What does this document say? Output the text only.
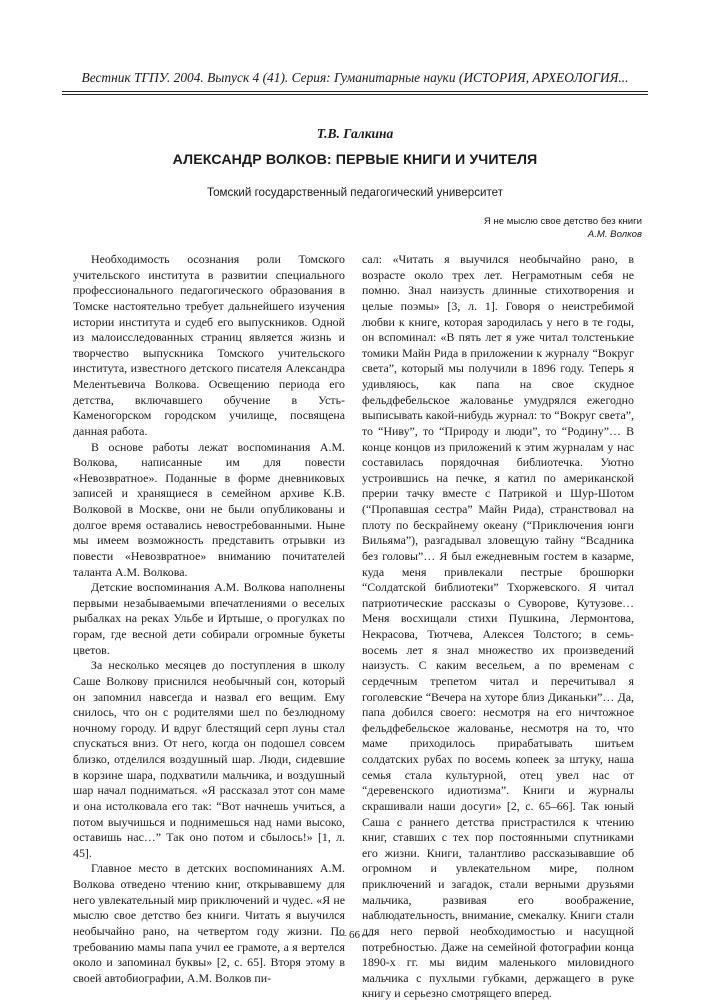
Вестник ТГПУ. 2004. Выпуск 4 (41). Серия: Гуманитарные науки (ИСТОРИЯ, АРХЕОЛОГИЯ...
Т.В. Галкина
АЛЕКСАНДР ВОЛКОВ: ПЕРВЫЕ КНИГИ И УЧИТЕЛЯ
Томский государственный педагогический университет
Я не мыслю свое детство без книги
А.М. Волков

Необходимость осознания роли Томского учительского института в развитии специального профессионального педагогического образования в Томске настоятельно требует дальнейшего изучения истории института и судеб его выпускников. Одной из малоисследованных страниц является жизнь и творчество выпускника Томского учительского института, известного детского писателя Александра Мелентьевича Волкова. Освещению периода его детства, включавшего обучение в Усть-Каменогорском городском училище, посвящена данная работа.

В основе работы лежат воспоминания А.М. Волкова, написанные им для повести «Невозвратное». Поданные в форме дневниковых записей и хранящиеся в семейном архиве К.В. Волковой в Москве, они не были опубликованы и долгое время оставались невостребованными. Ныне мы имеем возможность представить отрывки из повести «Невозвратное» вниманию почитателей таланта А.М. Волкова.

Детские воспоминания А.М. Волкова наполнены первыми незабываемыми впечатлениями о веселых рыбалках на реках Ульбе и Иртыше, о прогулках по горам, где весной дети собирали огромные букеты цветов.

За несколько месяцев до поступления в школу Саше Волкову приснился необычный сон, который он запомнил навсегда и назвал его вещим. Ему снилось, что он с родителями шел по безлюдному ночному городу. И вдруг блестящий серп луны стал спускаться вниз. От него, когда он подошел совсем близко, отделился воздушный шар. Люди, сидевшие в корзине шара, подхватили мальчика, и воздушный шар начал подниматься. «Я рассказал этот сон маме и она истолковала его так: “Вот начнешь учиться, а потом выучишься и поднимешься над нами высоко, оставишь нас…” Так оно потом и сбылось!» [1, л. 45].

Главное место в детских воспоминаниях А.М. Волкова отведено чтению книг, открывавшему для него увлекательный мир приключений и чудес. «Я не мыслю свое детство без книги. Читать я выучился необычайно рано, на четвертом году жизни. По требованию мамы папа учил ее грамоте, а я вертелся около и запоминал буквы» [2, с. 65]. Вторя этому в своей автобиографии, А.М. Волков пи-

сал: «Читать я выучился необычайно рано, в возрасте около трех лет. Неграмотным себя не помню. Знал наизусть длинные стихотворения и целые поэмы» [3, л. 1]. Говоря о неистребимой любви к книге, которая зародилась у него в те годы, он вспоминал: «В пять лет я уже читал толстенькие томики Майн Рида в приложении к журналу “Вокруг света”, который мы получили в 1896 году. Теперь я удивляюсь, как папа на свое скудное фельдфебельское жалованье умудрялся ежегодно выписывать какой-нибудь журнал: то “Вокруг света”, то “Ниву”, то “Природу и люди”, то “Родину”… В конце концов из приложений к этим журналам у нас составилась порядочная библиотечка. Уютно устроившись на печке, я катил по американской прерии тачку вместе с Патрикой и Шур-Шотом (“Пропавшая сестра” Майн Рида), странствовал на плоту по бескрайнему океану (“Приключения юнги Вильяма”), разгадывал зловещую тайну “Всадника без головы”… Я был ежедневным гостем в казарме, куда меня привлекали пестрые брошюрки “Солдатской библиотеки” Тхоржевского. Я читал патриотические рассказы о Суворове, Кутузове… Меня восхищали стихи Пушкина, Лермонтова, Некрасова, Тютчева, Алексея Толстого; в семь-восемь лет я знал множество их произведений наизусть. С каким весельем, а по временам с сердечным трепетом читал и перечитывал я гоголевские “Вечера на хуторе близ Диканьки”… Да, папа добился своего: несмотря на его ничтожное фельдфебельское жалованье, несмотря на то, что маме приходилось прирабатывать шитьем солдатских рубах по восемь копеек за штуку, наша семья стала культурной, отец увел нас от “деревенского идиотизма”. Книги и журналы скрашивали наши досуги» [2, с. 65–66]. Так юный Саша с раннего детства пристрастился к чтению книг, ставших с тех пор постоянными спутниками его жизни. Книги, талантливо рассказывавшие об огромном и увлекательном мире, полном приключений и загадок, стали верными друзьями мальчика, развивая его воображение, наблюдательность, внимание, смекалку. Книги стали для него первой необходимостью и насущной потребностью. Даже на семейной фотографии конца 1890-х гг. мы видим маленького миловидного мальчика с пухлыми губками, держащего в руке книгу и серьезно смотрящего вперед.

— 66 —
